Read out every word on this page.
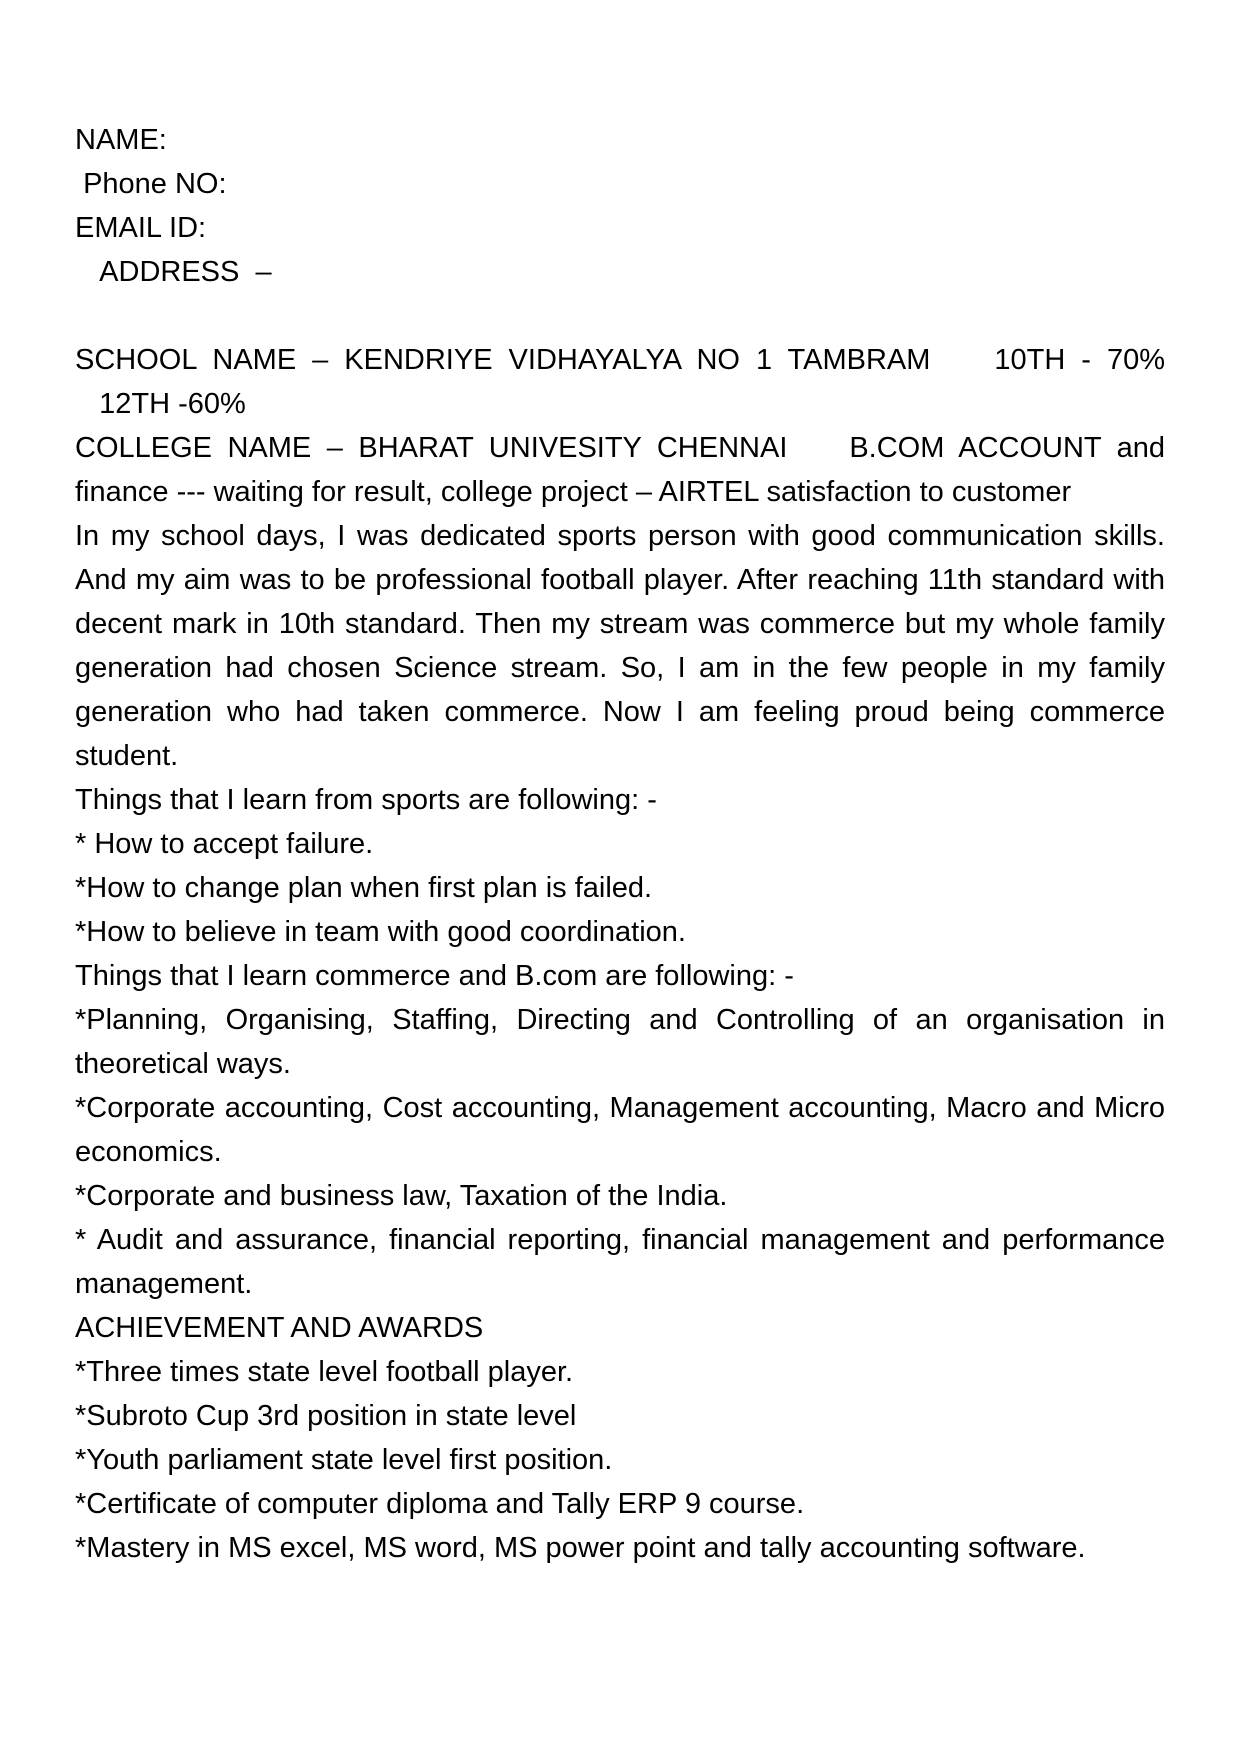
NAME:
Phone NO:
EMAIL ID:
ADDRESS  –
SCHOOL NAME – KENDRIYE VIDHAYALYA NO 1 TAMBRAM    10TH - 70%
12TH -60%
COLLEGE NAME – BHARAT UNIVESITY CHENNAI    B.COM ACCOUNT and
finance --- waiting for result, college project – AIRTEL satisfaction to customer
In my school days, I was dedicated sports person with good communication skills.
And my aim was to be professional football player. After reaching 11th standard with
decent mark in 10th standard. Then my stream was commerce but my whole family
generation had chosen Science stream. So, I am in the few people in my family
generation who had taken commerce. Now I am feeling proud being commerce
student.
Things that I learn from sports are following: -
* How to accept failure.
*How to change plan when first plan is failed.
*How to believe in team with good coordination.
Things that I learn commerce and B.com are following: -
*Planning, Organising, Staffing, Directing and Controlling of an organisation in
theoretical ways.
*Corporate accounting, Cost accounting, Management accounting, Macro and Micro
economics.
*Corporate and business law, Taxation of the India.
* Audit and assurance, financial reporting, financial management and performance
management.
ACHIEVEMENT AND AWARDS
*Three times state level football player.
*Subroto Cup 3rd position in state level
*Youth parliament state level first position.
*Certificate of computer diploma and Tally ERP 9 course.
*Mastery in MS excel, MS word, MS power point and tally accounting software.
